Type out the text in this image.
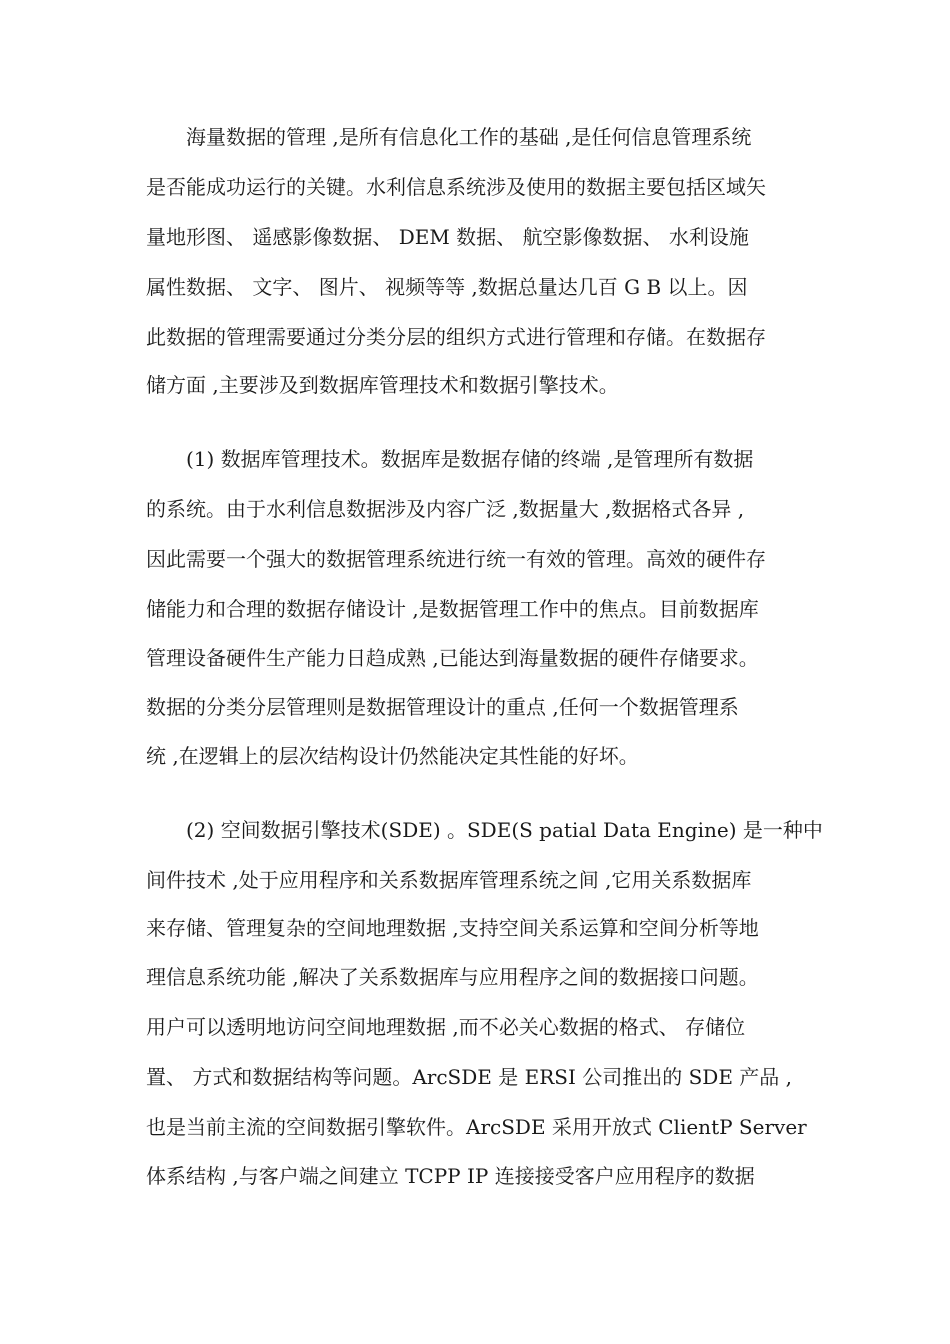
海量数据的管理 ,是所有信息化工作的基础 ,是任何信息管理系统
是否能成功运行的关键。水利信息系统涉及使用的数据主要包括区域矢
量地形图、 遥感影像数据、 DEM 数据、 航空影像数据、 水利设施
属性数据、 文字、 图片、 视频等等 ,数据总量达几百 G B 以上。因
此数据的管理需要通过分类分层的组织方式进行管理和存储。在数据存
储方面 ,主要涉及到数据库管理技术和数据引擎技术。
(1) 数据库管理技术。数据库是数据存储的终端 ,是管理所有数据
的系统。由于水利信息数据涉及内容广泛 ,数据量大 ,数据格式各异 ,
因此需要一个强大的数据管理系统进行统一有效的管理。高效的硬件存
储能力和合理的数据存储设计 ,是数据管理工作中的焦点。目前数据库
管理设备硬件生产能力日趋成熟 ,已能达到海量数据的硬件存储要求。
数据的分类分层管理则是数据管理设计的重点 ,任何一个数据管理系
统 ,在逻辑上的层次结构设计仍然能决定其性能的好坏。
(2) 空间数据引擎技术(SDE) 。SDE(S patial Data Engine) 是一种中
间件技术 ,处于应用程序和关系数据库管理系统之间 ,它用关系数据库
来存储、管理复杂的空间地理数据 ,支持空间关系运算和空间分析等地
理信息系统功能 ,解决了关系数据库与应用程序之间的数据接口问题。
用户可以透明地访问空间地理数据 ,而不必关心数据的格式、 存储位
置、 方式和数据结构等问题。ArcSDE 是 ERSI 公司推出的 SDE 产品 ,
也是当前主流的空间数据引擎软件。ArcSDE 采用开放式 ClientP Server
体系结构 ,与客户端之间建立 TCPP IP 连接接受客户应用程序的数据
